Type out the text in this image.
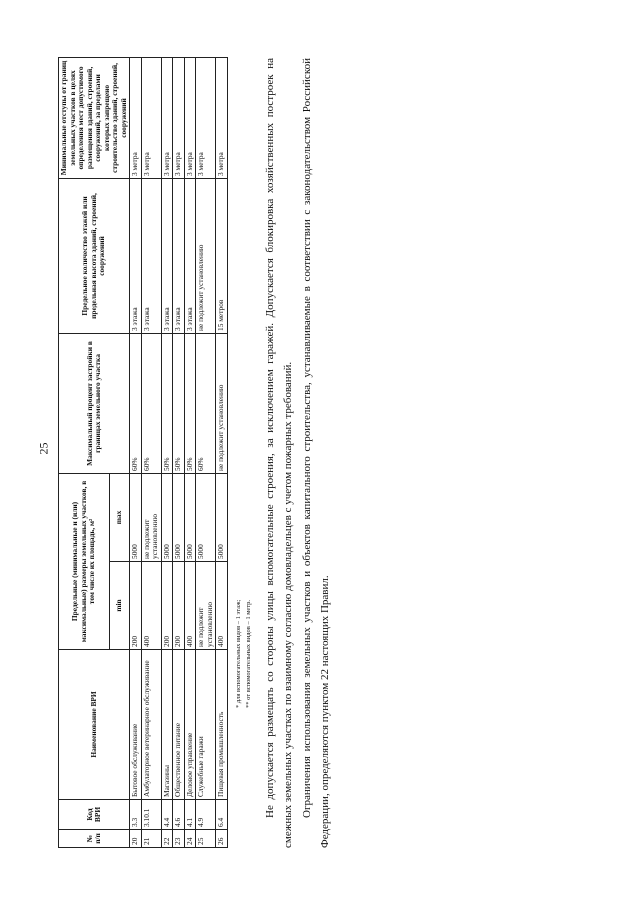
25
№ п/п	Код ВРИ	Наименование ВРИ	Предельные (минимальные и (или) максимальные) размеры земельных участков, в том числе их площадь, м²		Максимальный процент застройки в границах земельного участка	Предельное количество этажей или предельная высота зданий, строений, сооружений	Минимальные отступы от границ земельных участков в целях определения мест допустимого размещения зданий, строений, сооружений, за пределами которых запрещено строительство зданий, строений, сооружений
			min	max			
20	3.3	Бытовое обслуживание	200	5000	60%	3 этажа	3 метра
21	3.10.1	Амбулаторное ветеринарное обслуживание	400	не подлежит установлению	60%	3 этажа	3 метра
22	4.4	Магазины	200	5000	50%	3 этажа	3 метра
23	4.6	Общественное питание	200	5000	50%	3 этажа	3 метра
24	4.1	Деловое управление	400	5000	50%	3 этажа	3 метра
25	4.9	Служебные гаражи	не подлежит установлению	5000	60%	не подлежит установлению	3 метра
26	6.4	Пищевая промышленность	400	5000	не подлежит установлению	15 метров	3 метра
* для вспомогательных видов – 1 этаж; ** от вспомогательных видов – 1 метр. Не допускается размещать со стороны улицы вспомогательные строения, за исключением гаражей. Допускается блокировка хозяйственных построек на смежных земельных участках по взаимному согласию домовладельцев с учетом пожарных требований. Ограничения использования земельных участков и объектов капитального строительства, устанавливаемые в соответствии с законодательством Российской Федерации, определяются пунктом 22 настоящих Правил.
